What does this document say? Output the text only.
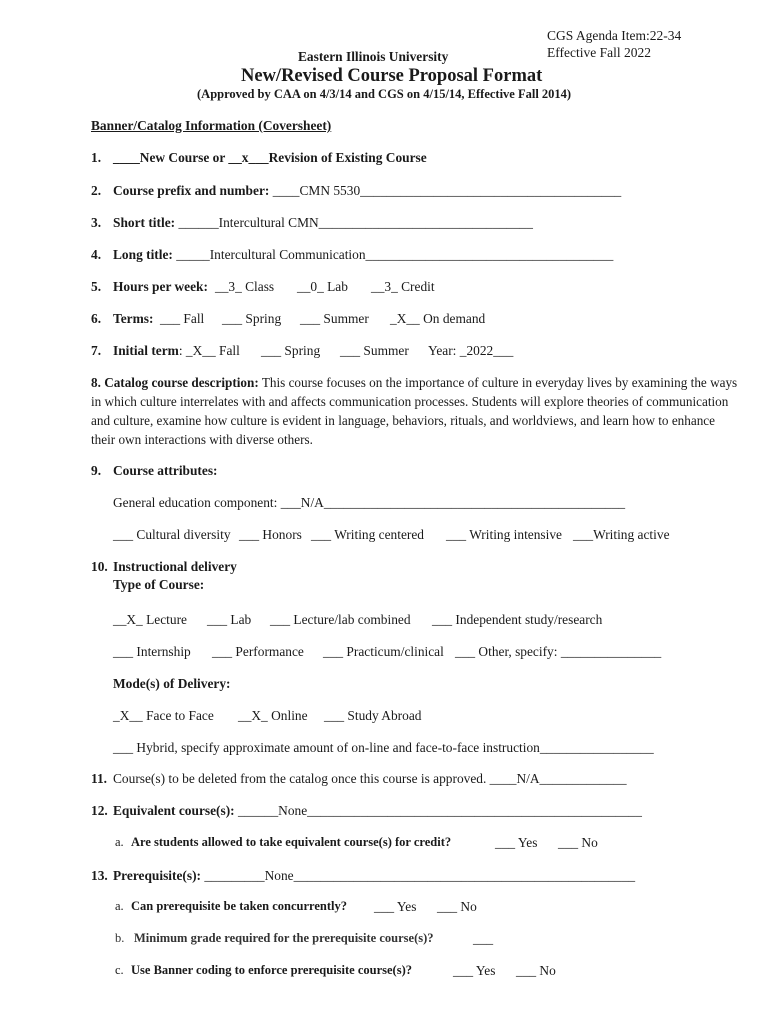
CGS Agenda Item:22-34
Effective Fall 2022
Eastern Illinois University
New/Revised Course Proposal Format
(Approved by CAA on 4/3/14 and CGS on 4/15/14, Effective Fall 2014)
Banner/Catalog Information (Coversheet)
1. ____New Course or __x___Revision of Existing Course
2. Course prefix and number: ____CMN 5530_______________________________________
3. Short title: ______Intercultural CMN________________________________
4. Long title: _____Intercultural Communication_____________________________________
5. Hours per week: __3_ Class __0_ Lab __3_ Credit
6. Terms: ___ Fall ___ Spring ___ Summer _X__ On demand
7. Initial term: _X__ Fall ___ Spring ___ Summer Year: _2022___
8. Catalog course description: This course focuses on the importance of culture in everyday lives by examining the ways in which culture interrelates with and affects communication processes. Students will explore theories of communication and culture, examine how culture is evident in language, behaviors, rituals, and worldviews, and learn how to enhance their own interactions with diverse others.
9. Course attributes:
General education component: ___N/A_____________________________________________
___ Cultural diversity ___ Honors ___ Writing centered ___ Writing intensive ___Writing active
10. Instructional delivery
Type of Course:
__X_ Lecture ___ Lab ___ Lecture/lab combined ___ Independent study/research
___ Internship ___ Performance ___ Practicum/clinical ___ Other, specify: _______________
Mode(s) of Delivery:
_X__ Face to Face __X_ Online ___ Study Abroad
___ Hybrid, specify approximate amount of on-line and face-to-face instruction_________________
11. Course(s) to be deleted from the catalog once this course is approved. ____N/A_____________
12. Equivalent course(s): ______None__________________________________________________
a. Are students allowed to take equivalent course(s) for credit?	___ Yes ___ No
13. Prerequisite(s): _________None___________________________________________________
a. Can prerequisite be taken concurrently? ___ Yes ___ No
b. Minimum grade required for the prerequisite course(s)?	___
c. Use Banner coding to enforce prerequisite course(s)?	___ Yes ___ No
